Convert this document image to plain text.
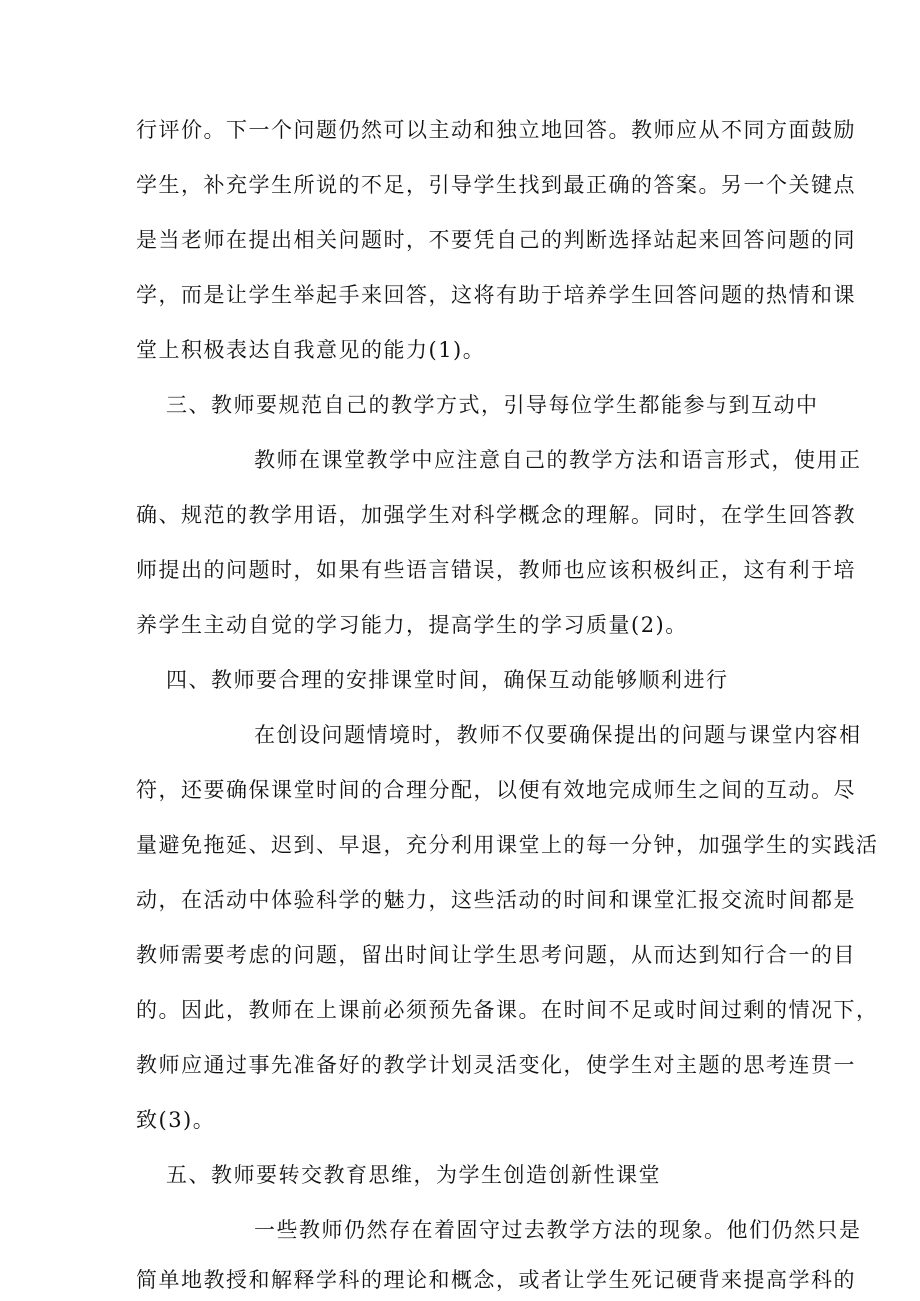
行评价。下一个问题仍然可以主动和独立地回答。教师应从不同方面鼓励
学生，补充学生所说的不足，引导学生找到最正确的答案。另一个关键点
是当老师在提出相关问题时，不要凭自己的判断选择站起来回答问题的同
学，而是让学生举起手来回答，这将有助于培养学生回答问题的热情和课
堂上积极表达自我意见的能力(1)。
三、教师要规范自己的教学方式，引导每位学生都能参与到互动中
教师在课堂教学中应注意自己的教学方法和语言形式，使用正
确、规范的教学用语，加强学生对科学概念的理解。同时，在学生回答教
师提出的问题时，如果有些语言错误，教师也应该积极纠正，这有利于培
养学生主动自觉的学习能力，提高学生的学习质量(2)。
四、教师要合理的安排课堂时间，确保互动能够顺利进行
在创设问题情境时，教师不仅要确保提出的问题与课堂内容相
符，还要确保课堂时间的合理分配，以便有效地完成师生之间的互动。尽
量避免拖延、迟到、早退，充分利用课堂上的每一分钟，加强学生的实践活
动，在活动中体验科学的魅力，这些活动的时间和课堂汇报交流时间都是
教师需要考虑的问题，留出时间让学生思考问题，从而达到知行合一的目
的。因此，教师在上课前必须预先备课。在时间不足或时间过剩的情况下，
教师应通过事先准备好的教学计划灵活变化，使学生对主题的思考连贯一
致(3)。
五、教师要转交教育思维，为学生创造创新性课堂
一些教师仍然存在着固守过去教学方法的现象。他们仍然只是
简单地教授和解释学科的理论和概念，或者让学生死记硬背来提高学科的
